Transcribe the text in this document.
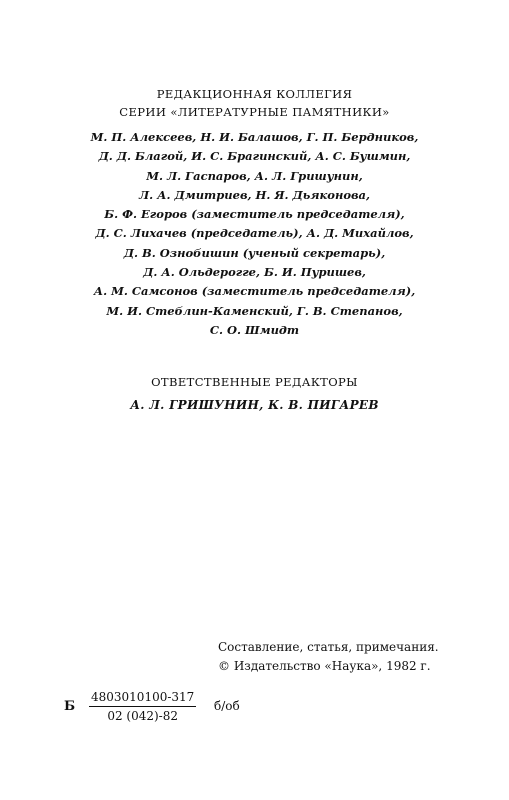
РЕДАКЦИОННАЯ КОЛЛЕГИЯ
СЕРИИ «ЛИТЕРАТУРНЫЕ ПАМЯТНИКИ»
М. П. Алексеев, Н. И. Балашов, Г. П. Бердников,
Д. Д. Благой, И. С. Брагинский, А. С. Бушмин,
М. Л. Гаспаров, А. Л. Гришунин,
Л. А. Дмитриев, Н. Я. Дьяконова,
Б. Ф. Егоров (заместитель председателя),
Д. С. Лихачев (председатель), А. Д. Михайлов,
Д. В. Ознобишин (ученый секретарь),
Д. А. Ольдерогге, Б. И. Пуришев,
А. М. Самсонов (заместитель председателя),
М. И. Стеблин-Каменский, Г. В. Степанов,
С. О. Шмидт
ОТВЕТСТВЕННЫЕ РЕДАКТОРЫ
А. Л. ГРИШУНИН, К. В. ПИГАРЕВ
Составление, статья, примечания.
© Издательство «Наука», 1982 г.
Б $\frac{4803010100-317}{02 (042)-82} б/об$
